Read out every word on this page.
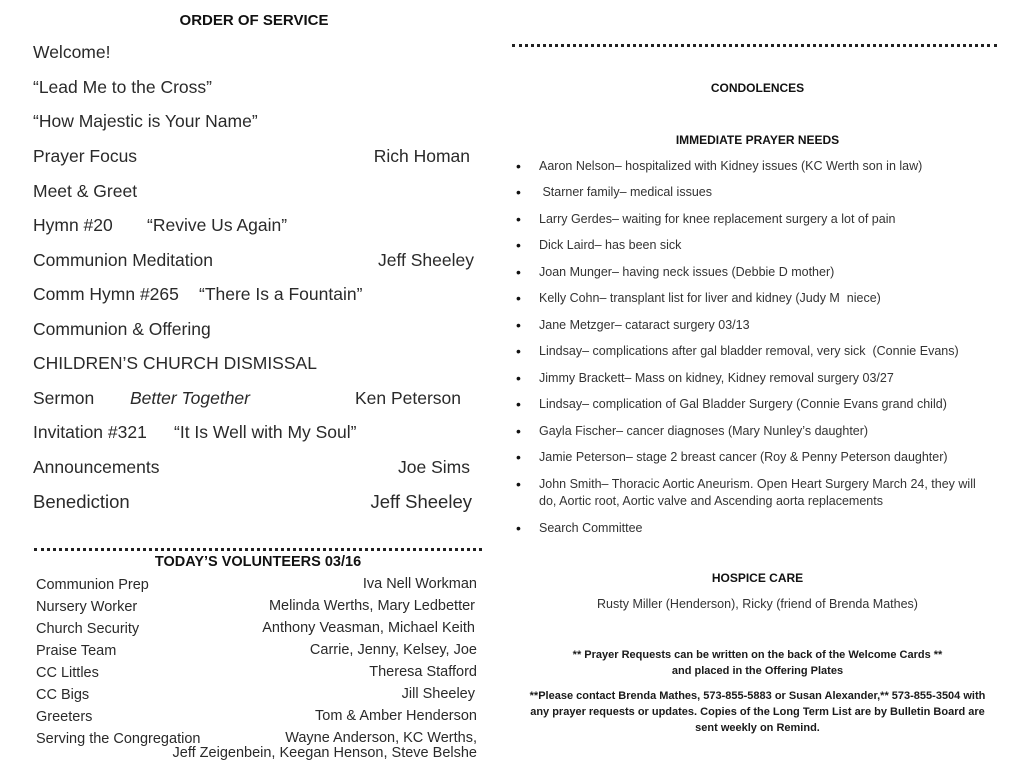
ORDER OF SERVICE
Welcome!
“Lead Me to the Cross”
“How Majestic is Your Name”
Prayer Focus	Rich Homan
Meet & Greet
Hymn #20 “Revive Us Again”
Communion Meditation	Jeff Sheeley
Comm Hymn #265 “There Is a Fountain”
Communion & Offering
CHILDREN’S CHURCH DISMISSAL
Sermon Better Together	Ken Peterson
Invitation #321 “It Is Well with My Soul”
Announcements	Joe Sims
Benediction	Jeff Sheeley
TODAY’S VOLUNTEERS 03/16
Communion Prep	Iva Nell Workman
Nursery Worker	Melinda Werths, Mary Ledbetter
Church Security	Anthony Veasman, Michael Keith
Praise Team	Carrie, Jenny, Kelsey, Joe
CC Littles	Theresa Stafford
CC Bigs	Jill Sheeley
Greeters	Tom & Amber Henderson
Serving the Congregation	Wayne Anderson, KC Werths,
Jeff Zeigenbein, Keegan Henson, Steve Belshe
CONDOLENCES
IMMEDIATE PRAYER NEEDS
• Aaron Nelson– hospitalized with Kidney issues (KC Werth son in law)
• Starner family– medical issues
• Larry Gerdes– waiting for knee replacement surgery a lot of pain
• Dick Laird– has been sick
• Joan Munger– having neck issues (Debbie D mother)
• Kelly Cohn– transplant list for liver and kidney (Judy M  niece)
• Jane Metzger– cataract surgery 03/13
• Lindsay– complications after gal bladder removal, very sick  (Connie Evans)
• Jimmy Brackett– Mass on kidney, Kidney removal surgery 03/27
• Lindsay– complication of Gal Bladder Surgery (Connie Evans grand child)
• Gayla Fischer– cancer diagnoses (Mary Nunley’s daughter)
• Jamie Peterson– stage 2 breast cancer (Roy & Penny Peterson daughter)
• John Smith– Thoracic Aortic Aneurism. Open Heart Surgery March 24, they will do, Aortic root, Aortic valve and Ascending aorta replacements
• Search Committee
HOSPICE CARE
Rusty Miller (Henderson), Ricky (friend of Brenda Mathes)
** Prayer Requests can be written on the back of the Welcome Cards **
and placed in the Offering Plates
**Please contact Brenda Mathes, 573-855-5883 or Susan Alexander,** 573-855-3504 with any prayer requests or updates. Copies of the Long Term List are by Bulletin Board are sent weekly on Remind.
